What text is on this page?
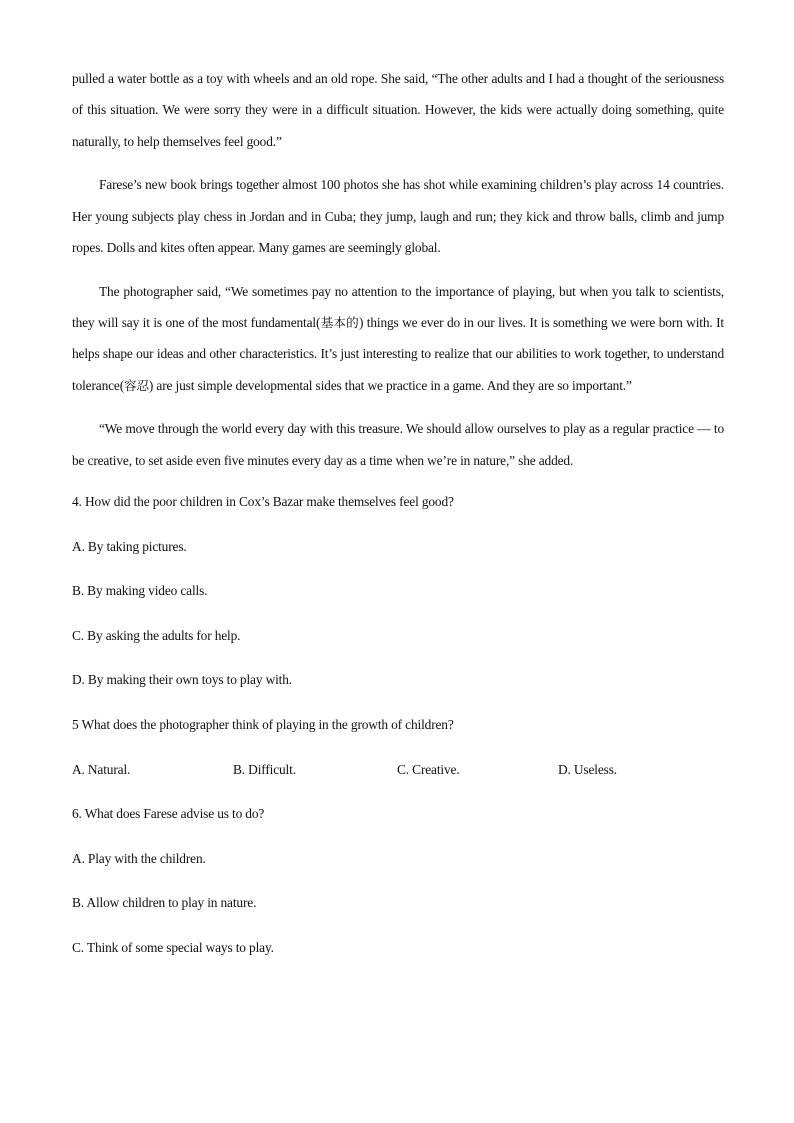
pulled a water bottle as a toy with wheels and an old rope. She said, “The other adults and I had a thought of the seriousness of this situation. We were sorry they were in a difficult situation. However, the kids were actually doing something, quite naturally, to help themselves feel good.”

Farese’s new book brings together almost 100 photos she has shot while examining children’s play across 14 countries. Her young subjects play chess in Jordan and in Cuba; they jump, laugh and run; they kick and throw balls, climb and jump ropes. Dolls and kites often appear. Many games are seemingly global.

The photographer said, “We sometimes pay no attention to the importance of playing, but when you talk to scientists, they will say it is one of the most fundamental(基本的) things we ever do in our lives. It is something we were born with. It helps shape our ideas and other characteristics. It’s just interesting to realize that our abilities to work together, to understand tolerance(容忍) are just simple developmental sides that we practice in a game. And they are so important.”

“We move through the world every day with this treasure. We should allow ourselves to play as a regular practice — to be creative, to set aside even five minutes every day as a time when we’re in nature,” she added.

4. How did the poor children in Cox’s Bazar make themselves feel good?
A. By taking pictures.
B. By making video calls.
C. By asking the adults for help.
D. By making their own toys to play with.
5 What does the photographer think of playing in the growth of children?
A. Natural.	B. Difficult.	C. Creative.	D. Useless.
6. What does Farese advise us to do?
A. Play with the children.
B. Allow children to play in nature.
C. Think of some special ways to play.
